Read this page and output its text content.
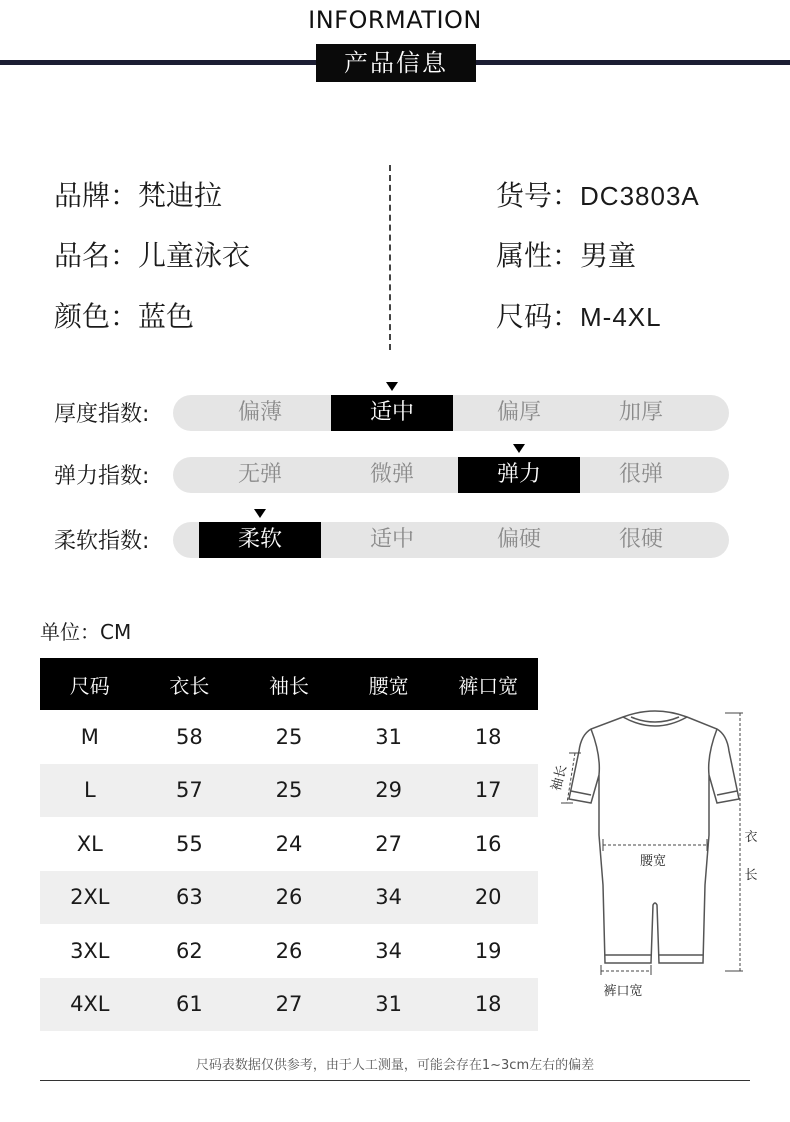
INFORMATION
产品信息
品牌：梵迪拉
品名：儿童泳衣
颜色：蓝色
货号：DC3803A
属性：男童
尺码：M-4XL
厚度指数:	偏薄	适中	偏厚	加厚
弹力指数:	无弹	微弹	弹力	很弹
柔软指数:	柔软	适中	偏硬	很硬
单位：CM
尺码	衣长	袖长	腰宽	裤口宽
M	58	25	31	18
L	57	25	29	17
XL	55	24	27	16
2XL	63	26	34	20
3XL	62	26	34	19
4XL	61	27	31	18
袖长
衣
长
腰宽
裤口宽
尺码表数据仅供参考，由于人工测量，可能会存在1~3cm左右的偏差
